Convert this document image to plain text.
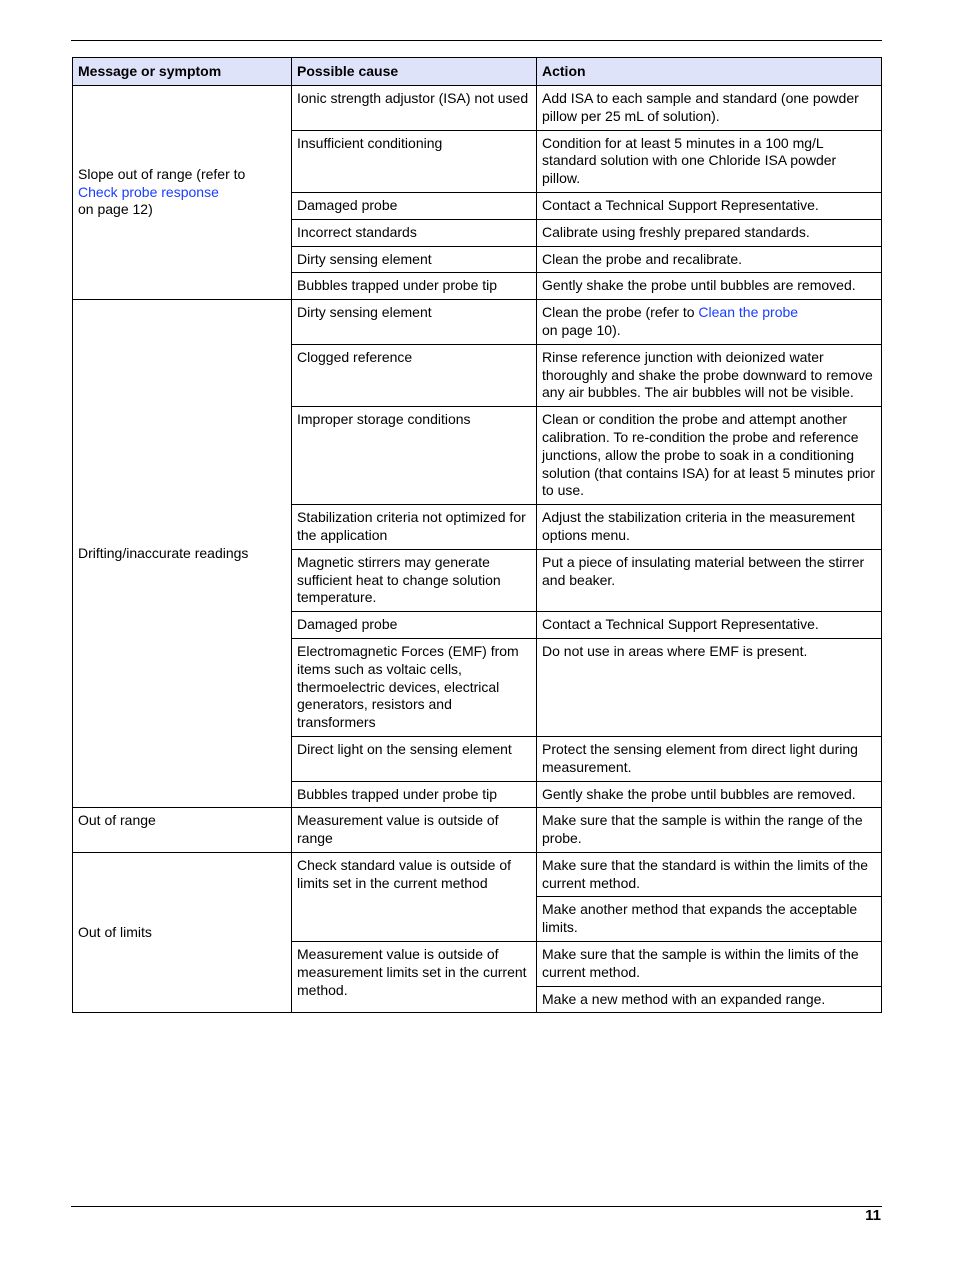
Message or symptom	Possible cause	Action
Slope out of range (refer to
Check probe response
on page 12)	Ionic strength adjustor (ISA) not used	Add ISA to each sample and standard (one powder pillow per 25 mL of solution).
	Insufficient conditioning	Condition for at least 5 minutes in a 100 mg/L standard solution with one Chloride ISA powder pillow.
	Damaged probe	Contact a Technical Support Representative.
	Incorrect standards	Calibrate using freshly prepared standards.
	Dirty sensing element	Clean the probe and recalibrate.
	Bubbles trapped under probe tip	Gently shake the probe until bubbles are removed.
Drifting/inaccurate readings	Dirty sensing element	Clean the probe (refer to Clean the probe
on page 10).
	Clogged reference	Rinse reference junction with deionized water thoroughly and shake the probe downward to remove any air bubbles. The air bubbles will not be visible.
	Improper storage conditions	Clean or condition the probe and attempt another calibration. To re-condition the probe and reference junctions, allow the probe to soak in a conditioning solution (that contains ISA) for at least 5 minutes prior to use.
	Stabilization criteria not optimized for the application	Adjust the stabilization criteria in the measurement options menu.
	Magnetic stirrers may generate sufficient heat to change solution temperature.	Put a piece of insulating material between the stirrer and beaker.
	Damaged probe	Contact a Technical Support Representative.
	Electromagnetic Forces (EMF) from items such as voltaic cells, thermoelectric devices, electrical generators, resistors and transformers	Do not use in areas where EMF is present.
	Direct light on the sensing element	Protect the sensing element from direct light during measurement.
	Bubbles trapped under probe tip	Gently shake the probe until bubbles are removed.
Out of range	Measurement value is outside of range	Make sure that the sample is within the range of the probe.
Out of limits	Check standard value is outside of limits set in the current method	Make sure that the standard is within the limits of the current method.
		Make another method that expands the acceptable limits.
	Measurement value is outside of measurement limits set in the current method.	Make sure that the sample is within the limits of the current method.
		Make a new method with an expanded range.
11
